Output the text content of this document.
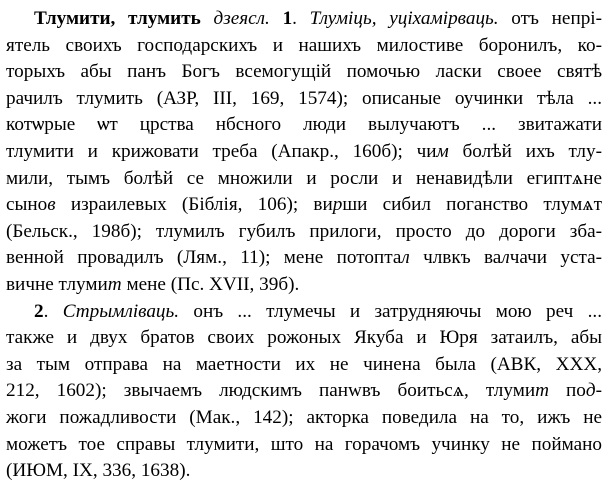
Тлумити, тлумить дзеясл. 1. Тлуміць, уціхамірваць. отъ непрі-
ятель своихъ господарскихъ и нашихъ милостиве боронилъ, ко-
торыхъ абы панъ Богъ всемогущій помочью ласки своее святѣ
рачилъ тлумить (АЗР, III, 169, 1574); описаные оучинки тѣла ...
котѡрые ѡт црства нбсного люди вылучаютъ ... звитажати
тлумити и крижовати треба (Апакр., 160б); чим болѣй ихъ тлу-
мили, тымъ болѣй се множили и росли и ненавидѣли египтѧне
сынов израилевых (Біблія, 106); вирши сибил поганство тлумѧт
(Бельск., 198б); тлумилъ губилъ прилоги, просто до дороги зба-
венной провадилъ (Лям., 11); мене потоптал члвкъ валчачи уста-
вичне тлумит мене (Пс. XVII, 39б).
2. Стрымліваць. онъ ... тлумечы и затрудняючы мою реч ...
также и двух братов своих рожоных Якуба и Юря затаилъ, абы
за тым отправа на маетности их не чинена была (АВК, XXX,
212, 1602); звычаемъ людскимъ панwвъ боитьсѧ, тлумит под-
жоги пожадливости (Мак., 142); акторка поведила на то, ижъ не
можетъ тое справы тлумити, што на горачомъ учинку не поймано (ИЮМ, IX, 336, 1638).
